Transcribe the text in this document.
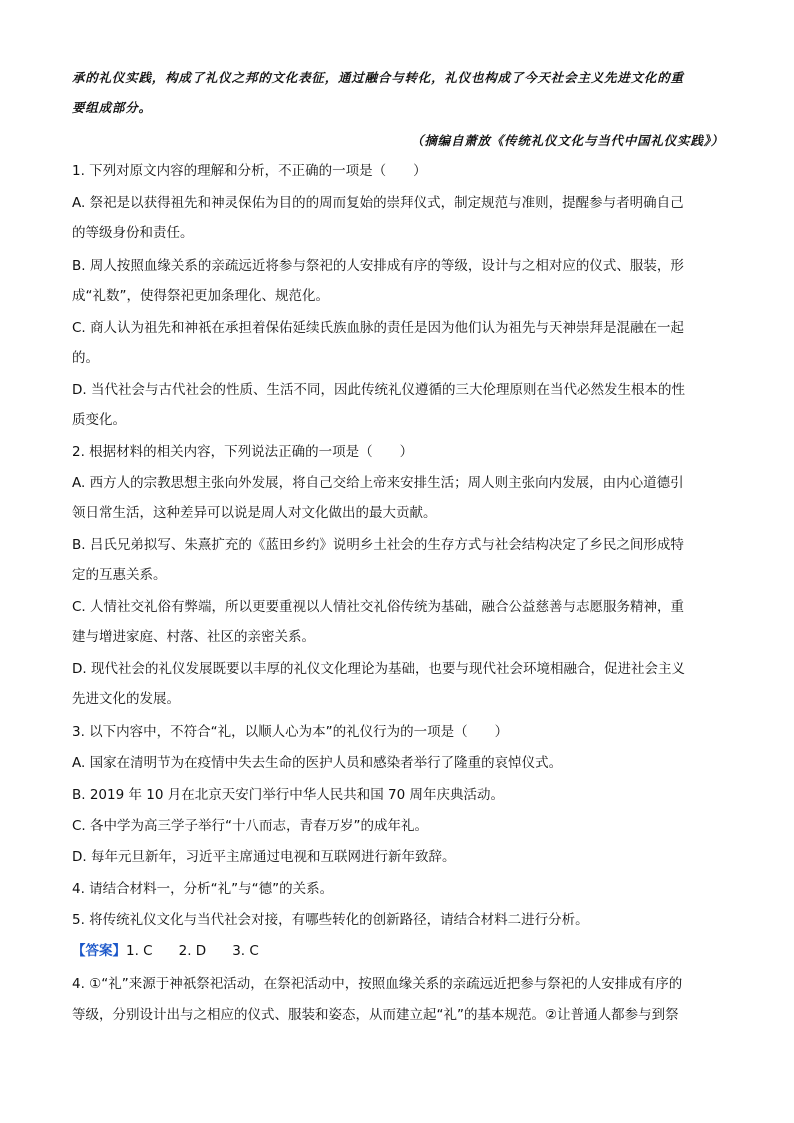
承的礼仪实践，构成了礼仪之邦的文化表征，通过融合与转化，礼仪也构成了今天社会主义先进文化的重
要组成部分。
（摘编自萧放《传统礼仪文化与当代中国礼仪实践》）
1. 下列对原文内容的理解和分析，不正确的一项是（　　）
A. 祭祀是以获得祖先和神灵保佑为目的的周而复始的崇拜仪式，制定规范与准则，提醒参与者明确自己
的等级身份和责任。
B. 周人按照血缘关系的亲疏远近将参与祭祀的人安排成有序的等级，设计与之相对应的仪式、服装，形
成“礼数”，使得祭祀更加条理化、规范化。
C. 商人认为祖先和神祇在承担着保佑延续氏族血脉的责任是因为他们认为祖先与天神崇拜是混融在一起
的。
D. 当代社会与古代社会的性质、生活不同，因此传统礼仪遵循的三大伦理原则在当代必然发生根本的性
质变化。
2. 根据材料的相关内容，下列说法正确的一项是（　　）
A. 西方人的宗教思想主张向外发展，将自己交给上帝来安排生活；周人则主张向内发展，由内心道德引
领日常生活，这种差异可以说是周人对文化做出的最大贡献。
B. 吕氏兄弟拟写、朱熹扩充的《蓝田乡约》说明乡土社会的生存方式与社会结构决定了乡民之间形成特
定的互惠关系。
C. 人情社交礼俗有弊端，所以更要重视以人情社交礼俗传统为基础，融合公益慈善与志愿服务精神，重
建与增进家庭、村落、社区的亲密关系。
D. 现代社会的礼仪发展既要以丰厚的礼仪文化理论为基础，也要与现代社会环境相融合，促进社会主义
先进文化的发展。
3. 以下内容中，不符合“礼，以顺人心为本”的礼仪行为的一项是（　　）
A. 国家在清明节为在疫情中失去生命的医护人员和感染者举行了隆重的哀悼仪式。
B. 2019 年 10 月在北京天安门举行中华人民共和国 70 周年庆典活动。
C. 各中学为高三学子举行“十八而志，青春万岁”的成年礼。
D. 每年元旦新年，习近平主席通过电视和互联网进行新年致辞。
4. 请结合材料一，分析“礼”与“德”的关系。
5. 将传统礼仪文化与当代社会对接，有哪些转化的创新路径，请结合材料二进行分析。
【答案】1. C 2. D 3. C
4. ①“礼”来源于神祇祭祀活动，在祭祀活动中，按照血缘关系的亲疏远近把参与祭祀的人安排成有序的
等级，分别设计出与之相应的仪式、服装和姿态，从而建立起“礼”的基本规范。②让普通人都参与到祭
